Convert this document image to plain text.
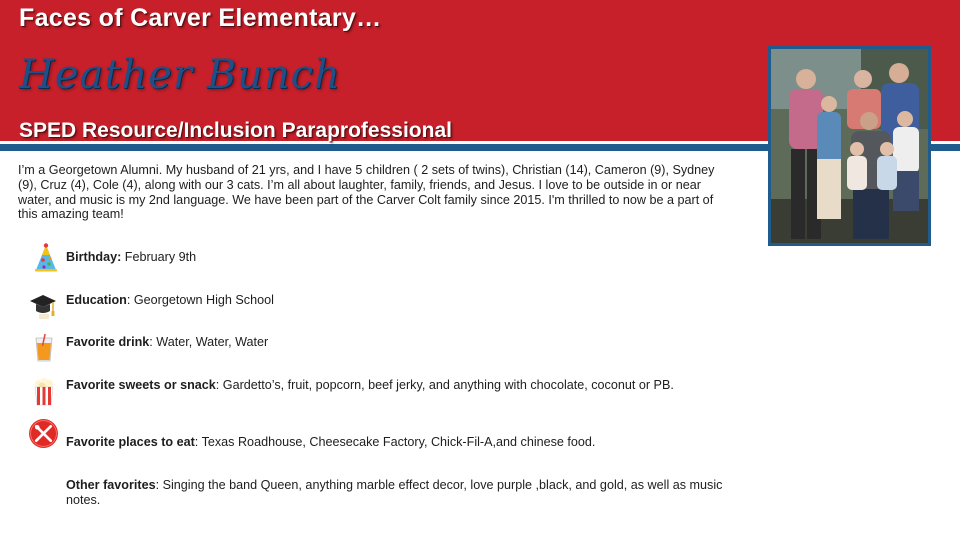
Faces of Carver Elementary…
Heather Bunch
SPED Resource/Inclusion Paraprofessional

I’m a Georgetown Alumni. My husband of 21 yrs, and I have 5 children ( 2 sets of twins), Christian (14), Cameron (9), Sydney (9), Cruz (4), Cole (4), along with our 3 cats. I’m all about laughter, family, friends, and Jesus. I love to be outside in or near water, and music is my 2nd language. We have been part of the Carver Colt family since 2015. I'm thrilled to now be a part of this amazing team!

Birthday: February 9th

Education: Georgetown High School

Favorite drink: Water, Water, Water

Favorite sweets or snack: Gardetto’s, fruit, popcorn, beef jerky, and anything with chocolate, coconut or PB.

Favorite places to eat: Texas Roadhouse, Cheesecake Factory, Chick-Fil-A,and chinese food.

Other favorites: Singing the band Queen, anything marble effect decor, love purple ,black, and gold, as well as music notes.
